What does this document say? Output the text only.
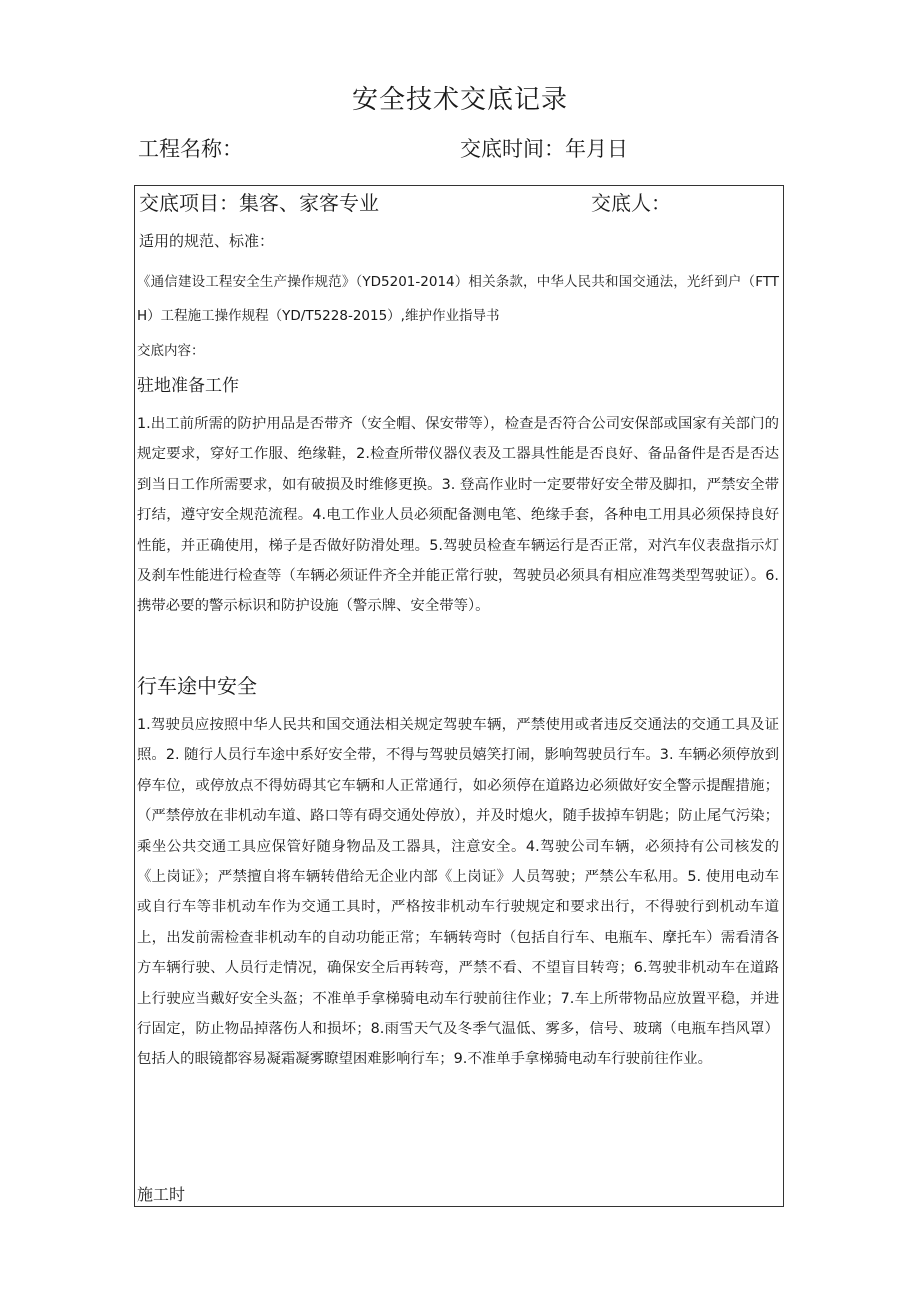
安全技术交底记录
工程名称：	交底时间：年月日
交底项目：集客、家客专业	交底人：
适用的规范、标准：
《通信建设工程安全生产操作规范》（YD5201-2014）相关条款，中华人民共和国交通法，光纤到户（FTTH）工程施工操作规程（YD/T5228-2015）,维护作业指导书
交底内容：
驻地准备工作

1.出工前所需的防护用品是否带齐（安全帽、保安带等），检查是否符合公司安保部或国家有关部门的规定要求，穿好工作服、绝缘鞋，2.检查所带仪器仪表及工器具性能是否良好、备品备件是否是否达到当日工作所需要求，如有破损及时维修更换。3. 登高作业时一定要带好安全带及脚扣，严禁安全带打结，遵守安全规范流程。4.电工作业人员必须配备测电笔、绝缘手套，各种电工用具必须保持良好性能，并正确使用，梯子是否做好防滑处理。5.驾驶员检查车辆运行是否正常，对汽车仪表盘指示灯及刹车性能进行检查等（车辆必须证件齐全并能正常行驶，驾驶员必须具有相应准驾类型驾驶证）。6. 携带必要的警示标识和防护设施（警示牌、安全带等）。

行车途中安全

1.驾驶员应按照中华人民共和国交通法相关规定驾驶车辆，严禁使用或者违反交通法的交通工具及证照。2. 随行人员行车途中系好安全带，不得与驾驶员嬉笑打闹，影响驾驶员行车。3. 车辆必须停放到停车位，或停放点不得妨碍其它车辆和人正常通行，如必须停在道路边必须做好安全警示提醒措施；（严禁停放在非机动车道、路口等有碍交通处停放），并及时熄火，随手拔掉车钥匙；防止尾气污染；乘坐公共交通工具应保管好随身物品及工器具，注意安全。4.驾驶公司车辆，必须持有公司核发的《上岗证》；严禁擅自将车辆转借给无企业内部《上岗证》人员驾驶；严禁公车私用。5. 使用电动车或自行车等非机动车作为交通工具时，严格按非机动车行驶规定和要求出行，不得驶行到机动车道上，出发前需检查非机动车的自动功能正常；车辆转弯时（包括自行车、电瓶车、摩托车）需看清各方车辆行驶、人员行走情况，确保安全后再转弯，严禁不看、不望盲目转弯；6.驾驶非机动车在道路上行驶应当戴好安全头盔；不准单手拿梯骑电动车行驶前往作业；7.车上所带物品应放置平稳，并进行固定，防止物品掉落伤人和损坏；8.雨雪天气及冬季气温低、雾多，信号、玻璃（电瓶车挡风罩）包括人的眼镜都容易凝霜凝雾瞭望困难影响行车；9.不准单手拿梯骑电动车行驶前往作业。

施工时
